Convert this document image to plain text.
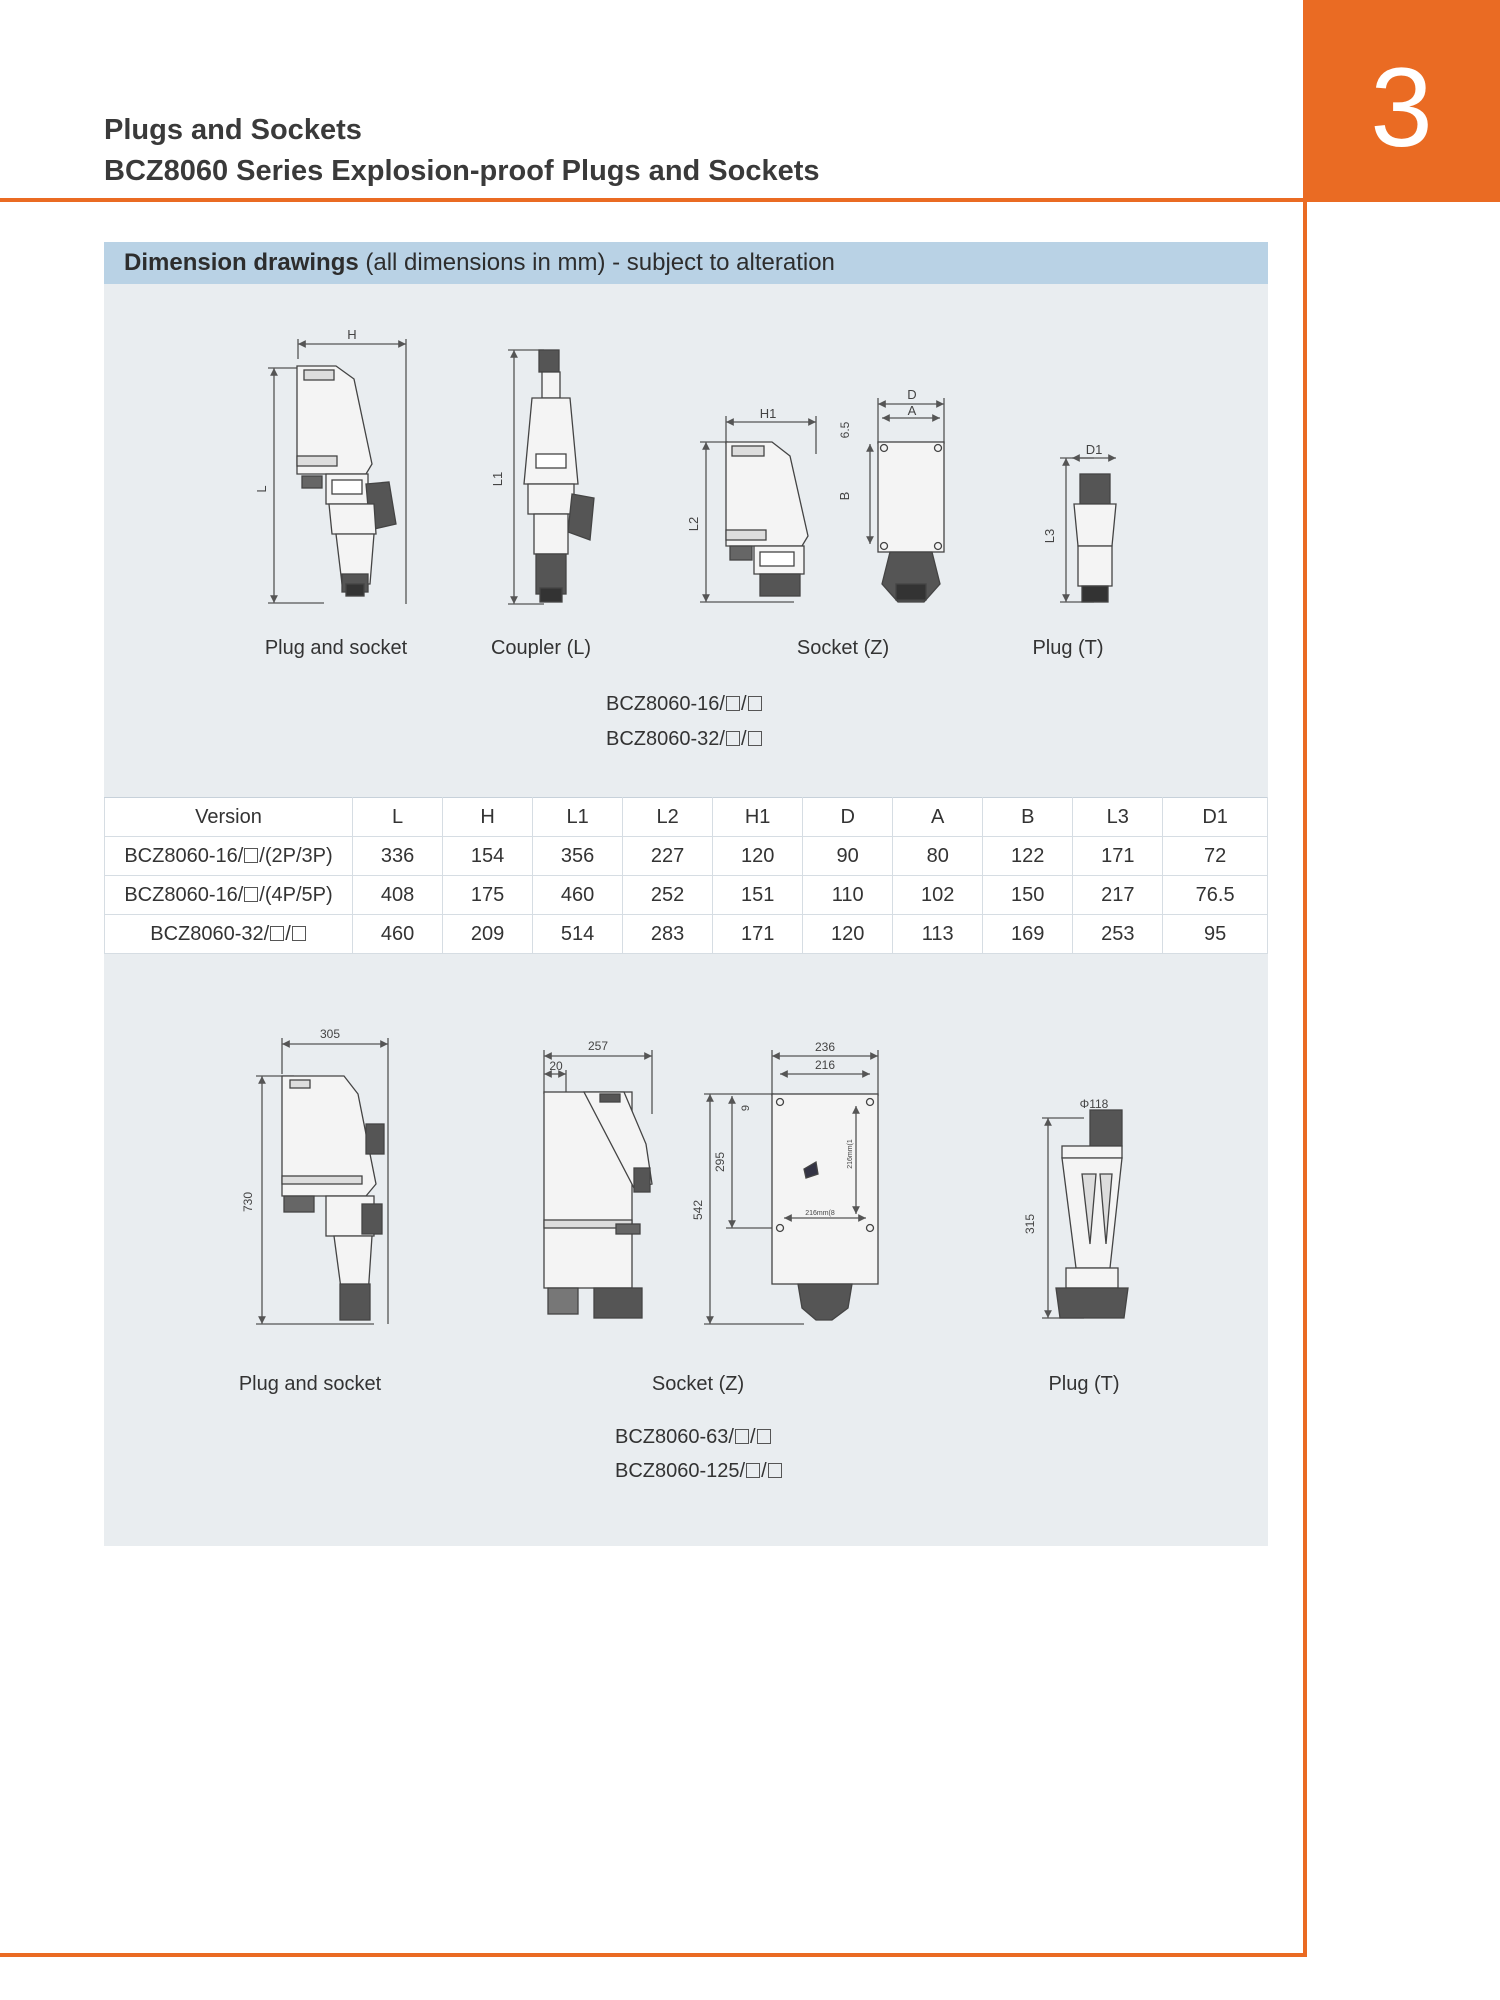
3
Plugs and Sockets
BCZ8060 Series Explosion-proof Plugs and Sockets
Dimension drawings (all dimensions in mm) - subject to alteration
H
L
L1
H1
L2
D
A
6.5
B
D1
L3
305
730
257
20
236
216
542
295
9
216mm(8
216mm(1
Φ118
315
Plug and socket	Coupler (L)	Socket (Z)	Plug (T)
BCZ8060-16/ /
BCZ8060-32/ /
Version	L	H	L1	L2	H1	D	A	B	L3	D1
BCZ8060-16/ /(2P/3P)	336	154	356	227	120	90	80	122	171	72
BCZ8060-16/ /(4P/5P)	408	175	460	252	151	110	102	150	217	76.5
BCZ8060-32/ /	460	209	514	283	171	120	113	169	253	95
Plug and socket	Socket (Z)	Plug (T)
BCZ8060-63/ /
BCZ8060-125/ /
